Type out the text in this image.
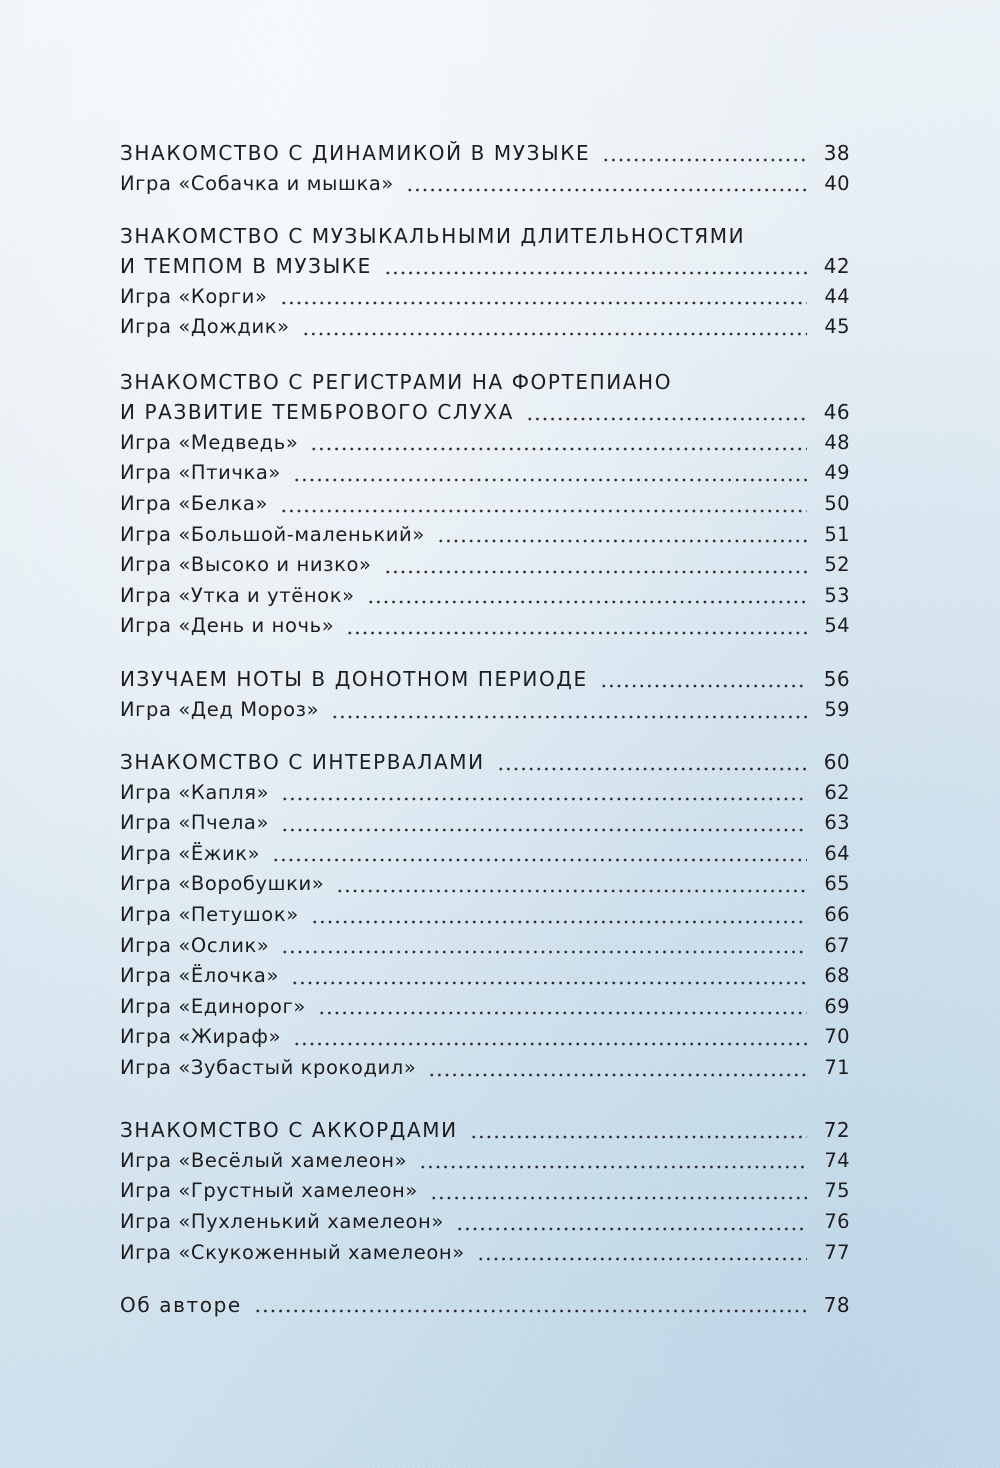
ЗНАКОМСТВО С ДИНАМИКОЙ В МУЗЫКЕ	38
Игра «Собачка и мышка»	40
ЗНАКОМСТВО С МУЗЫКАЛЬНЫМИ ДЛИТЕЛЬНОСТЯМИ
И ТЕМПОМ В МУЗЫКЕ	42
Игра «Корги»	44
Игра «Дождик»	45
ЗНАКОМСТВО С РЕГИСТРАМИ НА ФОРТЕПИАНО
И РАЗВИТИЕ ТЕМБРОВОГО СЛУХА	46
Игра «Медведь»	48
Игра «Птичка»	49
Игра «Белка»	50
Игра «Большой-маленький»	51
Игра «Высоко и низко»	52
Игра «Утка и утёнок»	53
Игра «День и ночь»	54
ИЗУЧАЕМ НОТЫ В ДОНОТНОМ ПЕРИОДЕ	56
Игра «Дед Мороз»	59
ЗНАКОМСТВО С ИНТЕРВАЛАМИ	60
Игра «Капля»	62
Игра «Пчела»	63
Игра «Ёжик»	64
Игра «Воробушки»	65
Игра «Петушок»	66
Игра «Ослик»	67
Игра «Ёлочка»	68
Игра «Единорог»	69
Игра «Жираф»	70
Игра «Зубастый крокодил»	71
ЗНАКОМСТВО С АККОРДАМИ	72
Игра «Весёлый хамелеон»	74
Игра «Грустный хамелеон»	75
Игра «Пухленький хамелеон»	76
Игра «Скукоженный хамелеон»	77
Об авторе	78
